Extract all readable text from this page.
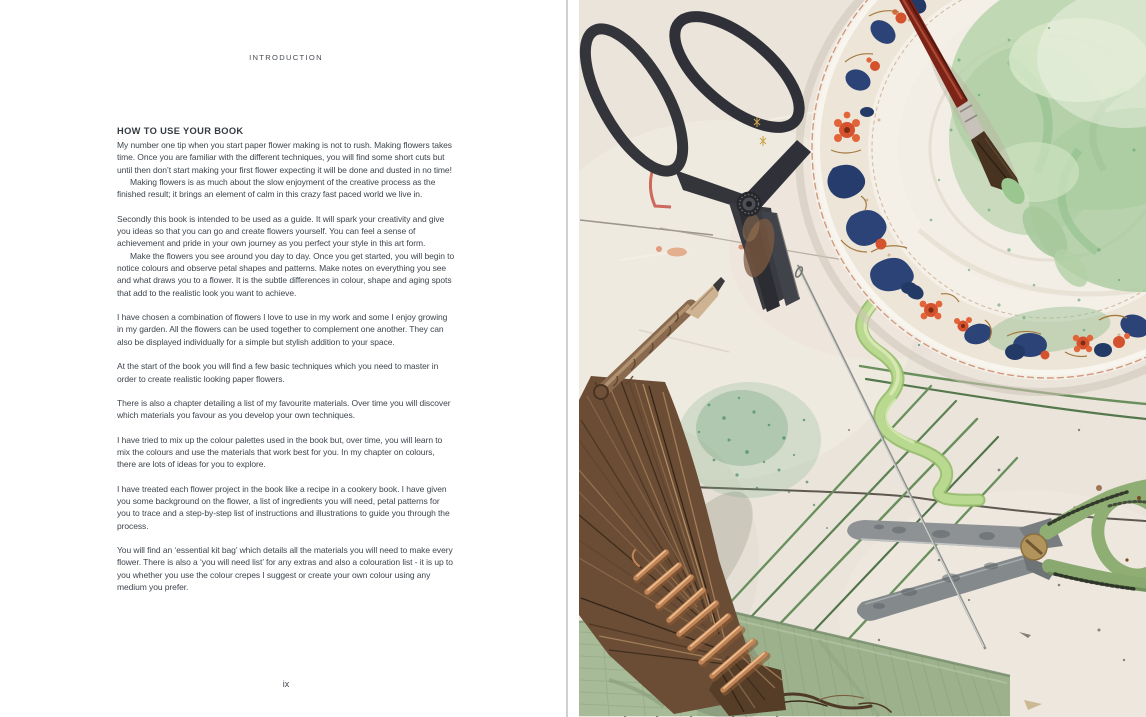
INTRODUCTION
HOW TO USE YOUR BOOK

My number one tip when you start paper flower making is not to rush. Making flowers takes time. Once you are familiar with the different techniques, you will find some short cuts but until then don’t start making your first flower expecting it will be done and dusted in no time!

Making flowers is as much about the slow enjoyment of the creative process as the finished result; it brings an element of calm in this crazy fast paced world we live in.

Secondly this book is intended to be used as a guide. It will spark your creativity and give you ideas so that you can go and create flowers yourself. You can feel a sense of achievement and pride in your own journey as you perfect your style in this art form.

Make the flowers you see around you day to day. Once you get started, you will begin to notice colours and observe petal shapes and patterns. Make notes on everything you see and what draws you to a flower. It is the subtle differences in colour, shape and aging spots that add to the realistic look you want to achieve.

I have chosen a combination of flowers I love to use in my work and some I enjoy growing in my garden. All the flowers can be used together to complement one another. They can also be displayed individually for a simple but stylish addition to your space.

At the start of the book you will find a few basic techniques which you need to master in order to create realistic looking paper flowers.

There is also a chapter detailing a list of my favourite materials. Over time you will discover which materials you favour as you develop your own techniques.

I have tried to mix up the colour palettes used in the book but, over time, you will learn to mix the colours and use the materials that work best for you. In my chapter on colours, there are lots of ideas for you to explore.

I have treated each flower project in the book like a recipe in a cookery book. I have given you some background on the flower, a list of ingredients you will need, petal patterns for you to trace and a step-by-step list of instructions and illustrations to guide you through the process.

You will find an ‘essential kit bag’ which details all the materials you will need to make every flower. There is also a ‘you will need list’ for any extras and also a colouration list - it is up to you whether you use the colour crepes I suggest or create your own colour using any medium you prefer.

ix
